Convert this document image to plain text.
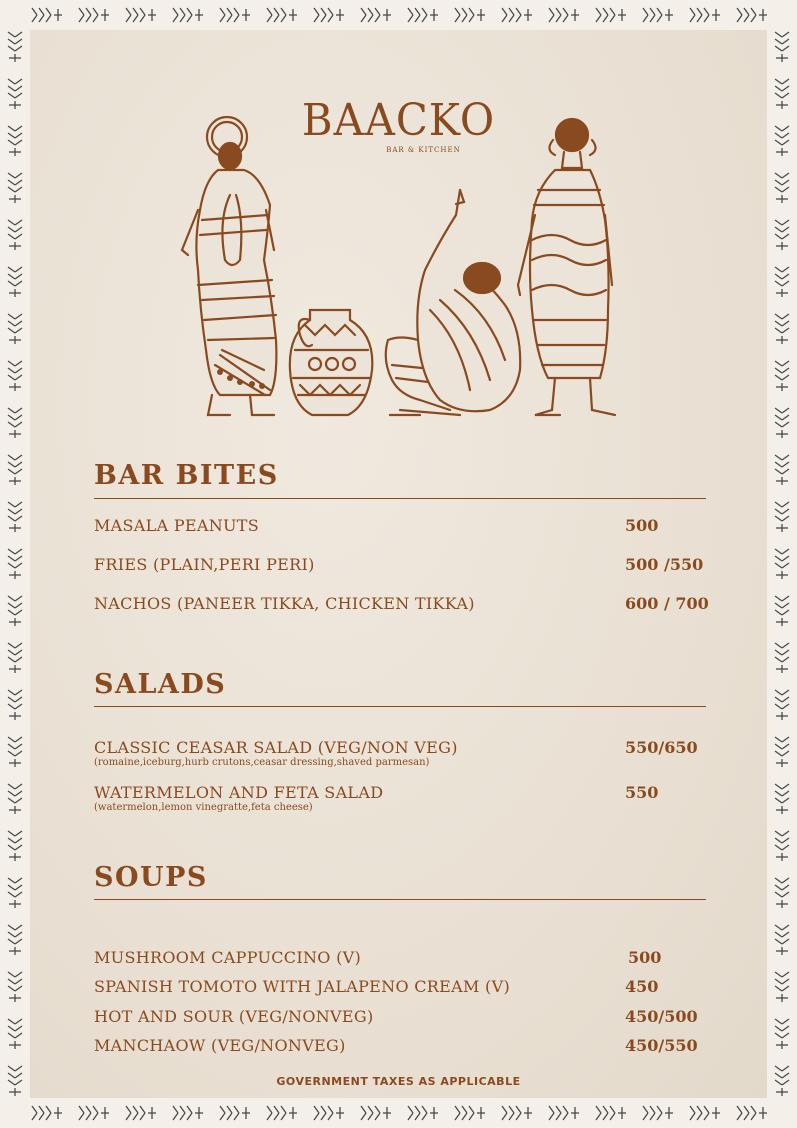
BAACKO
BAR & KITCHEN
BAR BITES
MASALA PEANUTS	500
FRIES (PLAIN,PERI PERI)	500 /550
NACHOS (PANEER TIKKA, CHICKEN TIKKA)	600 / 700
SALADS
CLASSIC CEASAR SALAD (VEG/NON VEG)	550/650
(romaine,iceburg,hurb crutons,ceasar dressing,shaved parmesan)
WATERMELON AND FETA SALAD	550
(watermelon,lemon vinegratte,feta cheese)
SOUPS
MUSHROOM CAPPUCCINO (V)	500
SPANISH TOMOTO WITH JALAPENO CREAM (V)	450
HOT AND SOUR (VEG/NONVEG)	450/500
MANCHAOW (VEG/NONVEG)	450/550
GOVERNMENT TAXES AS APPLICABLE
